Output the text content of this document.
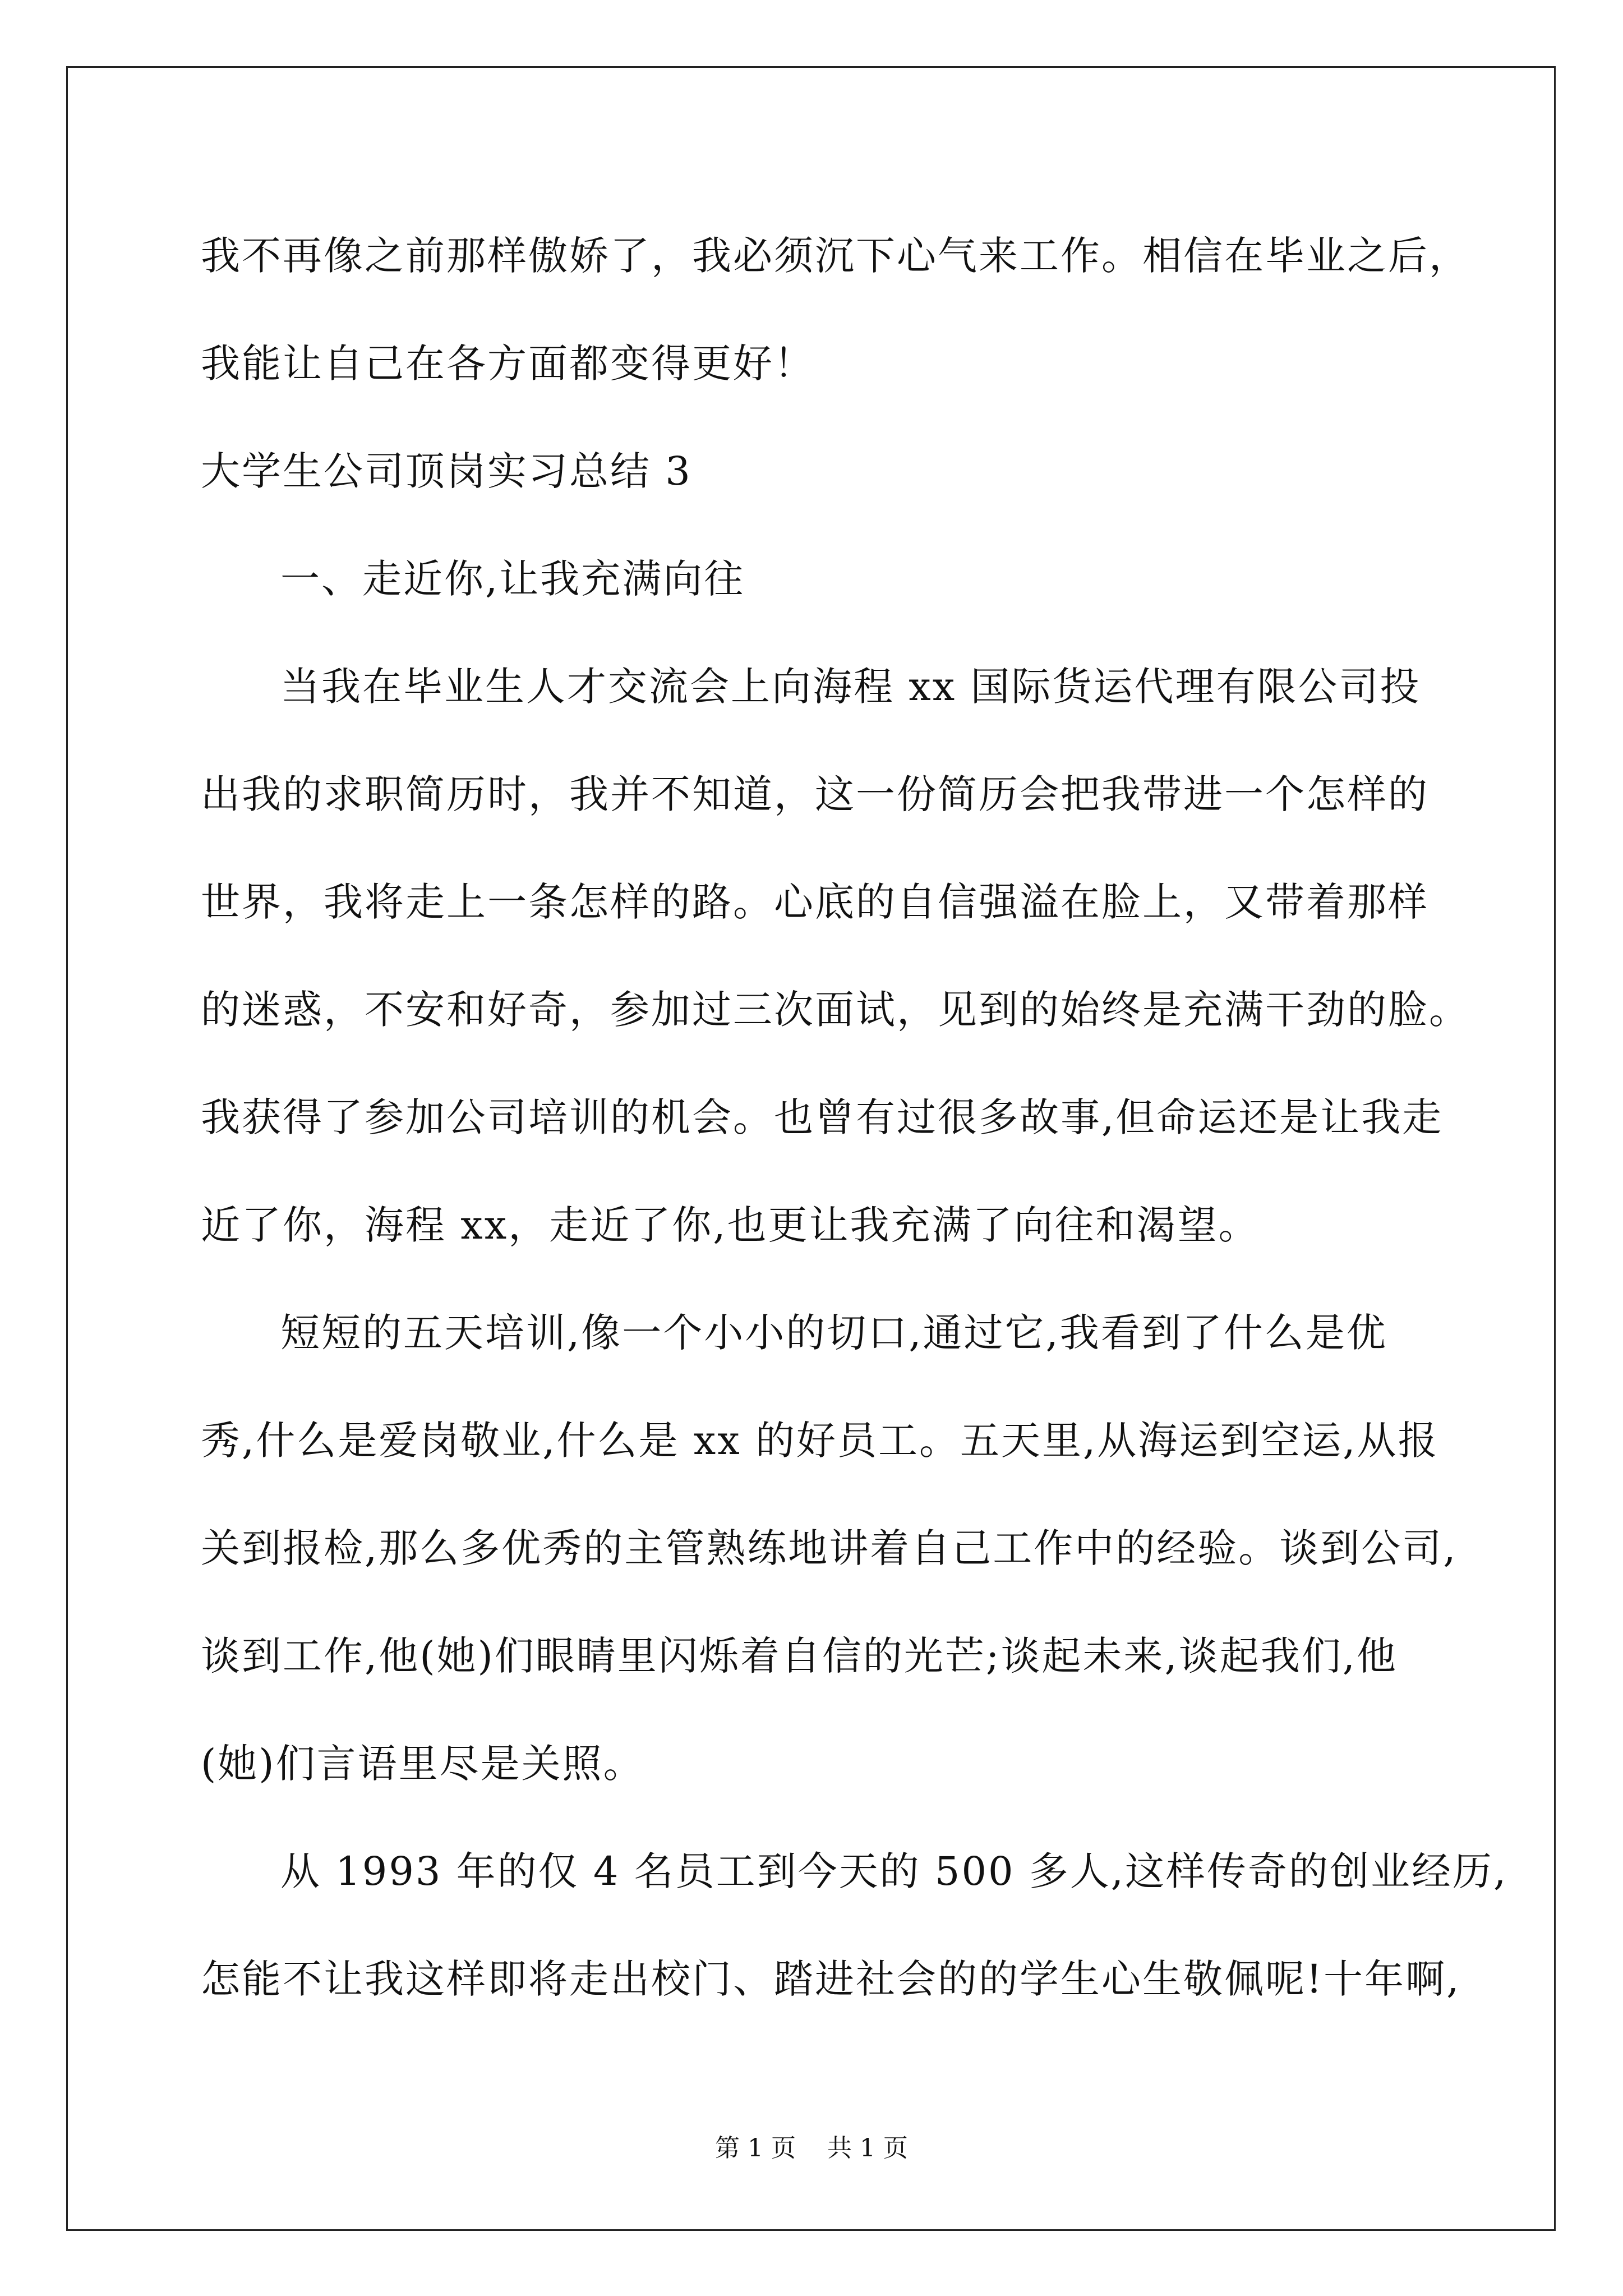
我不再像之前那样傲娇了，我必须沉下心气来工作。相信在毕业之后，
我能让自己在各方面都变得更好！
大学生公司顶岗实习总结 3
一、走近你,让我充满向往
当我在毕业生人才交流会上向海程 xx 国际货运代理有限公司投
出我的求职简历时，我并不知道，这一份简历会把我带进一个怎样的
世界，我将走上一条怎样的路。心底的自信强溢在脸上，又带着那样
的迷惑，不安和好奇，参加过三次面试，见到的始终是充满干劲的脸。
我获得了参加公司培训的机会。也曾有过很多故事,但命运还是让我走
近了你，海程 xx，走近了你,也更让我充满了向往和渴望。
短短的五天培训,像一个小小的切口,通过它,我看到了什么是优
秀,什么是爱岗敬业,什么是 xx 的好员工。五天里,从海运到空运,从报
关到报检,那么多优秀的主管熟练地讲着自己工作中的经验。谈到公司,
谈到工作,他(她)们眼睛里闪烁着自信的光芒;谈起未来,谈起我们,他
(她)们言语里尽是关照。
从 1993 年的仅 4 名员工到今天的 500 多人,这样传奇的创业经历,
怎能不让我这样即将走出校门、踏进社会的的学生心生敬佩呢!十年啊,
第 1 页    共 1 页
